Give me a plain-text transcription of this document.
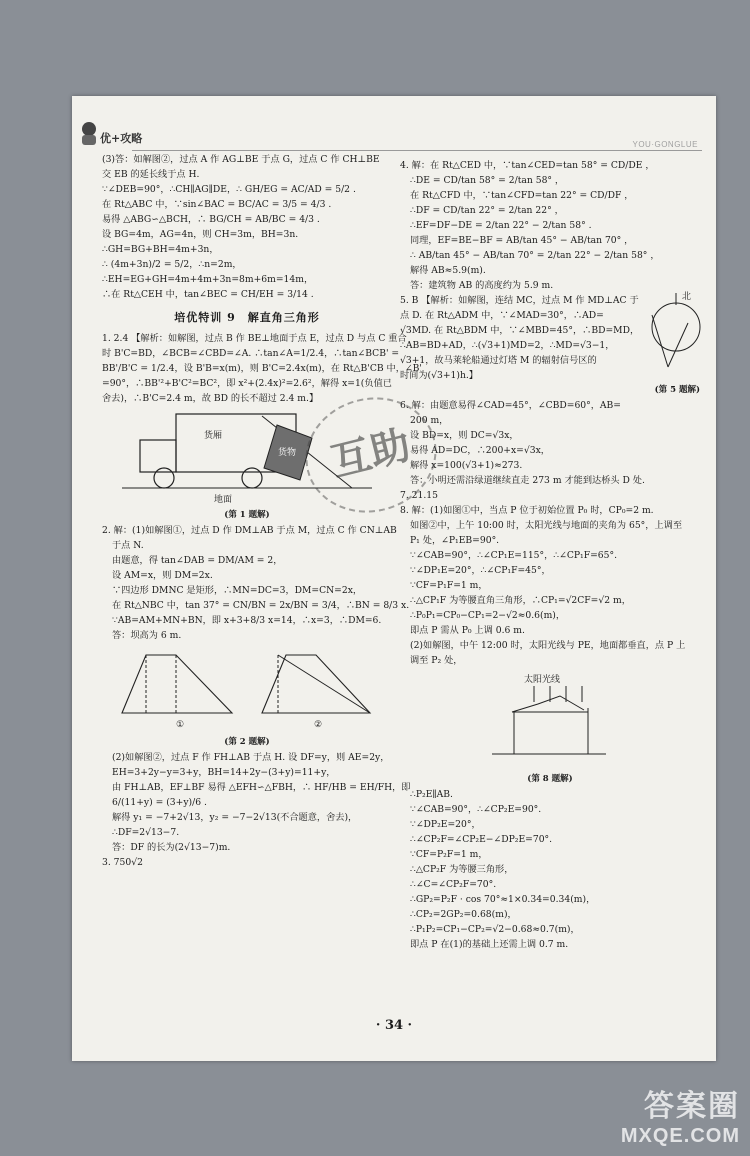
优+攻略	YOU·GONGLUE

(3)答：如解图②，过点 A 作 AG⊥BE 于点 G，过点 C 作 CH⊥BE

交 EB 的延长线于点 H.

∵∠DEB=90°，∴CH∥AG∥DE，∴ GH/EG = AC/AD = 5/2 .

在 Rt△ABC 中，∵sin∠BAC = BC/AC = 3/5 = 4/3 .

易得 △ABG∽△BCH，∴ BG/CH = AB/BC = 4/3 .

设 BG=4m，AG=4n，则 CH=3m，BH=3n.

∴GH=BG+BH=4m+3n，

∴ (4m+3n)/2 = 5/2，∴n=2m，

∴EH=EG+GH=4m+4m+3n=8m+6m=14m，

∴在 Rt△CEH 中，tan∠BEC = CH/EH = 3/14 .

培优特训 9　解直角三角形

1. 2.4 【解析：如解图，过点 B 作 BE⊥地面于点 E，过点 D 与点 C 重合

时 B'C=BD，∠BCB=∠CBD=∠A. ∴tan∠A=1/2.4，∴tan∠BCB' =

BB'/B'C = 1/2.4，设 B'B=x(m)，则 B'C=2.4x(m)，在 Rt△B'CB 中，∠B'

=90°，∴BB'²+B'C²=BC²，即 x²+(2.4x)²=2.6²，解得 x=1(负值已

舍去)，∴B'C=2.4 m，故 BD 的长不超过 2.4 m.】

货厢
货物
地面

(第 1 题解)

2. 解：(1)如解图①，过点 D 作 DM⊥AB 于点 M，过点 C 作 CN⊥AB

于点 N.

由题意，得 tan∠DAB = DM/AM = 2，

设 AM=x，则 DM=2x.

∵四边形 DMNC 是矩形，∴MN=DC=3，DM=CN=2x，

在 Rt△NBC 中，tan 37° = CN/BN = 2x/BN = 3/4，∴BN = 8/3 x.

∵AB=AM+MN+BN，即 x+3+8/3 x=14，∴x=3，∴DM=6.

答：坝高为 6 m.

①	②

(第 2 题解)

(2)如解图②，过点 F 作 FH⊥AB 于点 H. 设 DF=y，则 AE=2y，

EH=3+2y−y=3+y，BH=14+2y−(3+y)=11+y，

由 FH⊥AB，EF⊥BF 易得 △EFH∽△FBH，∴ HF/HB = EH/FH，即

6/(11+y) = (3+y)/6 .

解得 y₁ = −7+2√13，y₂ = −7−2√13(不合题意，舍去)，

∴DF=2√13−7.

答：DF 的长为(2√13−7)m.

3. 750√2

4. 解：在 Rt△CED 中，∵tan∠CED=tan 58° = CD/DE ，

∴DE = CD/tan 58° = 2/tan 58° ，

在 Rt△CFD 中，∵tan∠CFD=tan 22° = CD/DF ，

∴DF = CD/tan 22° = 2/tan 22° ，

∴EF=DF−DE = 2/tan 22° − 2/tan 58° .

同理，EF=BE−BF = AB/tan 45° − AB/tan 70° ，

∴ AB/tan 45° − AB/tan 70° = 2/tan 22° − 2/tan 58° ，

解得 AB≈5.9(m).

答：建筑物 AB 的高度约为 5.9 m.

5. B 【解析：如解图，连结 MC，过点 M 作 MD⊥AC 于

点 D. 在 Rt△ADM 中，∵∠MAD=30°，∴AD=

√3MD. 在 Rt△BDM 中，∵∠MBD=45°，∴BD=MD，

∴AB=BD+AD，∴(√3+1)MD=2，∴MD=√3−1，

√3+1，故马莱轮船通过灯塔 M 的辐射信号区的

时间为(√3+1)h.】

北

(第 5 题解)

6. 解：由题意易得∠CAD=45°，∠CBD=60°，AB=

200 m，

设 BD=x，则 DC=√3x，

易得 AD=DC，∴200+x=√3x，

解得 x=100(√3+1)≈273.

答：小明还需沿绿道继续直走 273 m 才能到达桥头 D 处.

7. 21.15

8. 解：(1)如图①中，当点 P 位于初始位置 P₀ 时，CP₀=2 m.

如图②中，上午 10:00 时，太阳光线与地面的夹角为 65°，上调至

P₁ 处，∠P₁EB=90°.

∵∠CAB=90°，∴∠CP₁E=115°，∴∠CP₁F=65°.

∵∠DP₁E=20°，∴∠CP₁F=45°，

∵CF=P₁F=1 m，

∴△CP₁F 为等腰直角三角形，∴CP₁=√2CF=√2 m，

∴P₀P₁=CP₀−CP₁=2−√2≈0.6(m)，

即点 P 需从 P₀ 上调 0.6 m.

(2)如解图，中午 12:00 时，太阳光线与 PE，地面都垂直，点 P 上

调至 P₂ 处，

太阳光线

(第 8 题解)

∴P₂E∥AB.

∵∠CAB=90°，∴∠CP₂E=90°.

∵∠DP₂E=20°，

∴∠CP₂F=∠CP₂E−∠DP₂E=70°.

∵CF=P₂F=1 m，

∴△CP₂F 为等腰三角形，

∴∠C=∠CP₂F=70°.

∴GP₂=P₂F · cos 70°≈1×0.34=0.34(m)，

∴CP₂=2GP₂=0.68(m)，

∴P₁P₂=CP₁−CP₂=√2−0.68≈0.7(m)，

即点 P 在(1)的基础上还需上调 0.7 m.

互助
· 34 ·
答案圈
MXQE.COM
